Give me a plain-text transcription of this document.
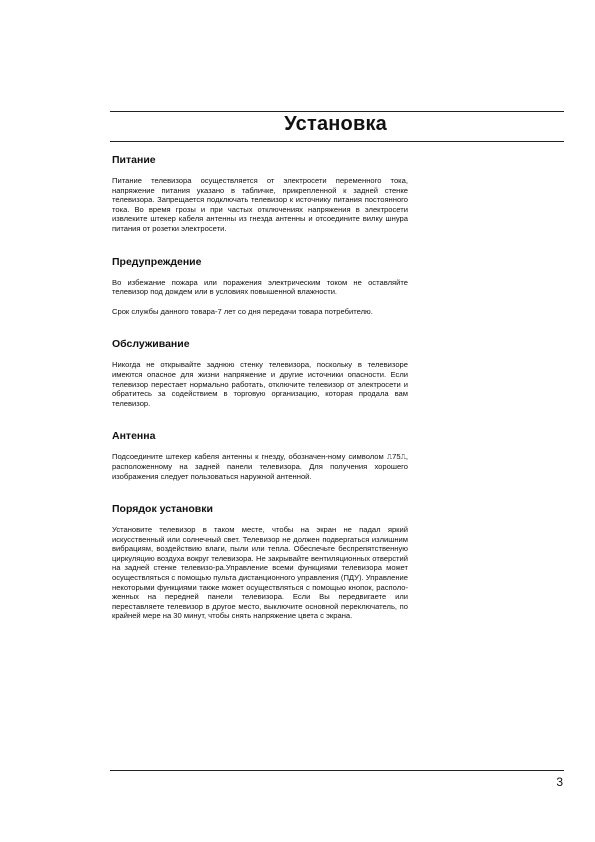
Установка
Питание

Питание телевизора осуществляется от электросети переменного тока, напряжение питания указано в табличке, прикрепленной к задней стенке телевизора. Запрещается подключать телевизор к источнику питания постоянного тока. Во время грозы и при частых отключениях напряжения в электросети извлеките штекер кабеля антенны из гнезда антенны и отсоедините вилку шнура питания от розетки электросети.

Предупреждение

Во избежание пожара или поражения электрическим током не оставляйте телевизор под дождем или в условиях повышенной влажности.

Срок службы данного товара-7 лет со дня передачи товара потребителю.

Обслуживание

Никогда не открывайте заднюю стенку телевизора, поскольку в телевизоре имеются опасное для жизни напряжение и другие источники опасности. Если телевизор перестает нормально работать, отключите телевизор от электросети и обратитесь за содействием в торговую организацию, которая продала вам телевизор.

Антенна

Подсоедините штекер кабеля антенны к гнезду, обозначен-ному символом ⎍75⎍, расположенному на задней панели телевизора. Для получения хорошего изображения следует пользоваться наружной антенной.

Порядок установки

Установите телевизор в таком месте, чтобы на экран не падал яркий искусственный или солнечный свет. Телевизор не должен подвергаться излишним вибрациям, воздействию влаги, пыли или тепла. Обеспечьте беспрепятственную циркуляцию воздуха вокруг телевизора. Не закрывайте вентиляционных отверстий на задней стенке телевизо-ра.Управление всеми функциями телевизора может осуществляться с помощью пульта дистанционного управления (ПДУ). Управление некоторыми функциями также может осуществляться с помощью кнопок, располо-женных на передней панели телевизора. Если Вы передвигаете или переставляете телевизор в другое место, выключите основной переключатель, по крайней мере на 30 минут, чтобы снять напряжение цвета с экрана.

3
